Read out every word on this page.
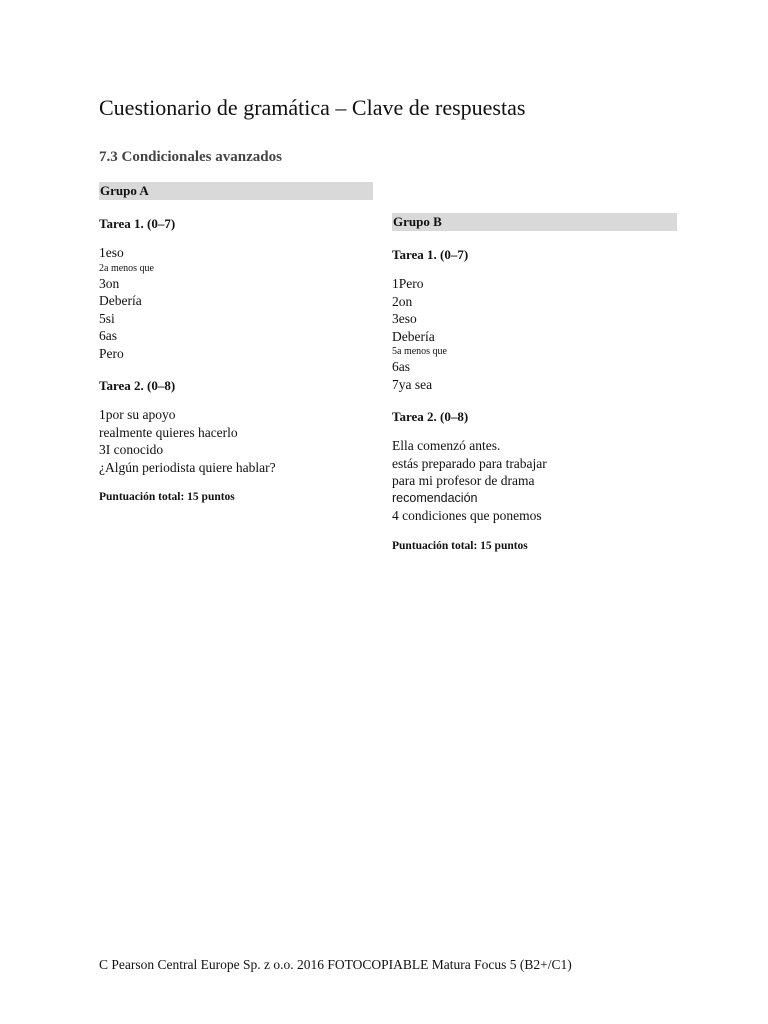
Cuestionario de gramática – Clave de respuestas
7.3 Condicionales avanzados
Grupo A
Tarea 1. (0–7)
1eso
2a menos que
3on
Debería
5si
6as
Pero
Tarea 2. (0–8)
1por su apoyo
realmente quieres hacerlo
3I conocido
¿Algún periodista quiere hablar?
Puntuación total: 15 puntos
Grupo B
Tarea 1. (0–7)
1Pero
2on
3eso
Debería
5a menos que
6as
7ya sea
Tarea 2. (0–8)
Ella comenzó antes.
estás preparado para trabajar
para mi profesor de drama
recomendación
4 condiciones que ponemos
Puntuación total: 15 puntos
C Pearson Central Europe Sp. z o.o. 2016 FOTOCOPIABLE Matura Focus 5 (B2+/C1)
